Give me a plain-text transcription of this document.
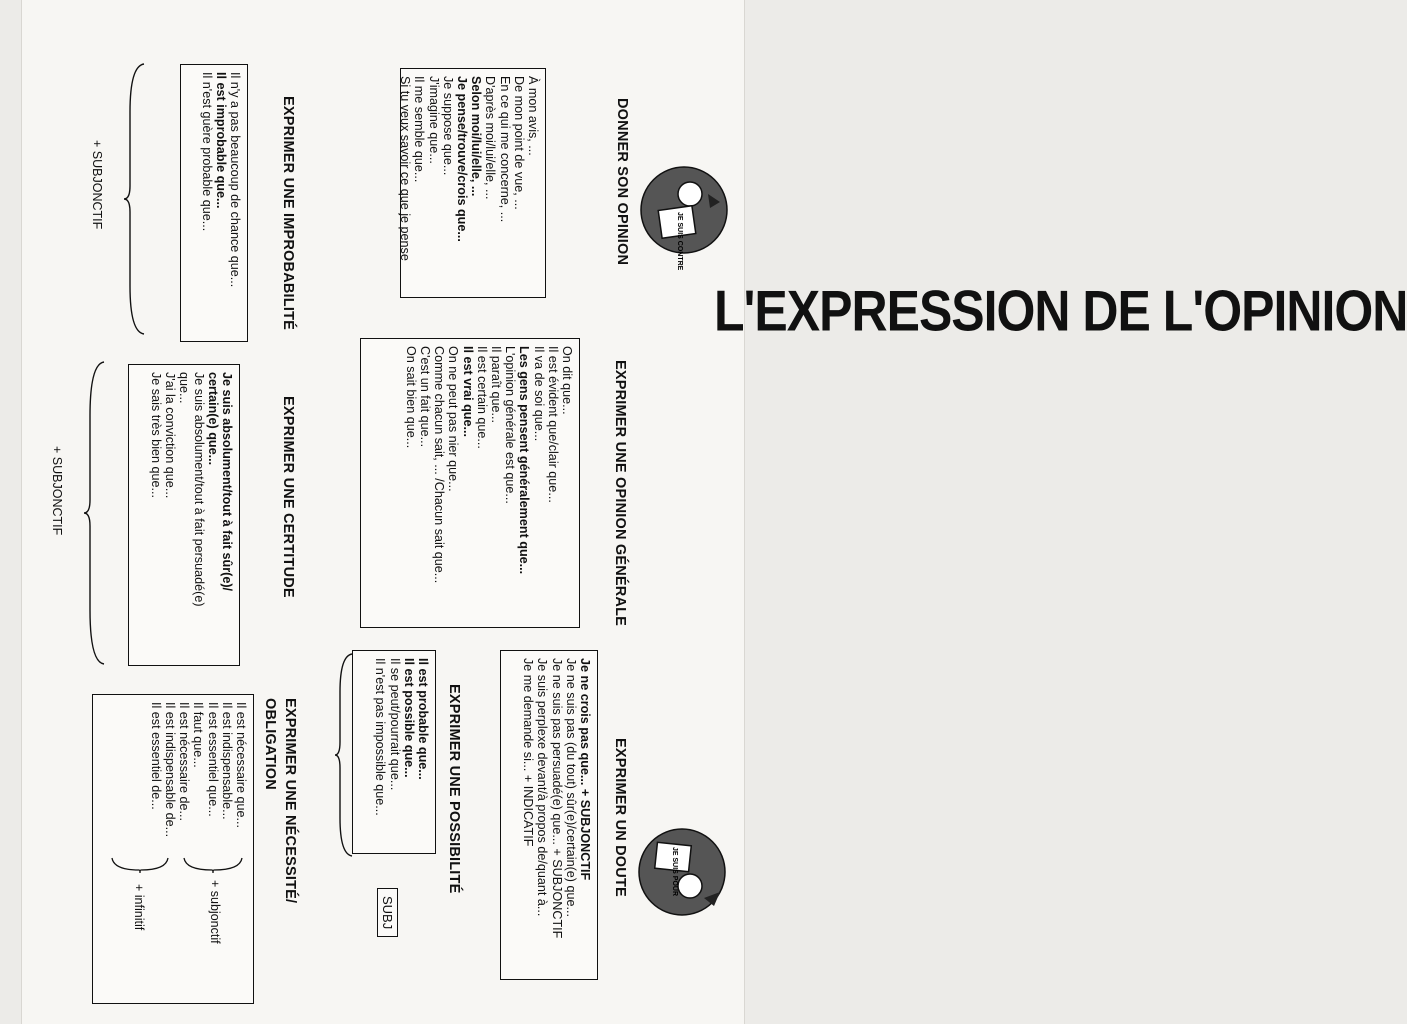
L'EXPRESSION DE L'OPINION
JE SUIS CONTRE
JE SUIS POUR
DONNER SON OPINION
À mon avis, ...
De mon point de vue, ...
En ce qui me concerne, ...
D'après moi/lui/elle, ...
Selon moi/lui/elle, ...
Je pense/trouve/crois que...
Je suppose que...
J'imagine que...
Il me semble que...
Si tu veux savoir ce que je pense
EXPRIMER UNE OPINION GÉNÉRALE
On dit que...
Il est évident que/clair que...
Il va de soi que...
Les gens pensent généralement que...
L'opinion générale est que...
Il paraît que...
Il est certain que...
Il est vrai que...
On ne peut pas nier que...
Comme chacun sait, ... /Chacun sait que...
C'est un fait que...
On sait bien que...
EXPRIMER UN DOUTE
Je ne crois pas que... + SUBJONCTIF
Je ne suis pas (du tout) sûr(e)/certain(e) que...
Je ne suis pas persuadé(e) que... + SUBJONCTIF
Je suis perplexe devant/à propos de/quant à...
Je me demande si... + INDICATIF
EXPRIMER UNE POSSIBILITÉ
Il est probable que...
Il est possible que...
Il se peut/pourrait que...
Il n'est pas impossible que...
SUBJ
EXPRIMER UNE IMPROBABILITÉ
Il n'y a pas beaucoup de chance que...
Il est improbable que...
Il n'est guère probable que...
+ SUBJONCTIF
EXPRIMER UNE CERTITUDE
Je suis absolument/tout à fait sûr(e)/
certain(e) que...
Je suis absolument/tout à fait persuadé(e)
que...
J'ai la conviction que...
Je sais très bien que...
+ SUBJONCTIF
EXPRIMER UNE NÉCESSITÉ/
OBLIGATION
Il est nécessaire que...
Il est indispensable...
Il est essentiel que...
Il faut que...
Il est nécessaire de...
Il est indispensable de...
Il est essentiel de...
+ subjonctif
+ infinitif
